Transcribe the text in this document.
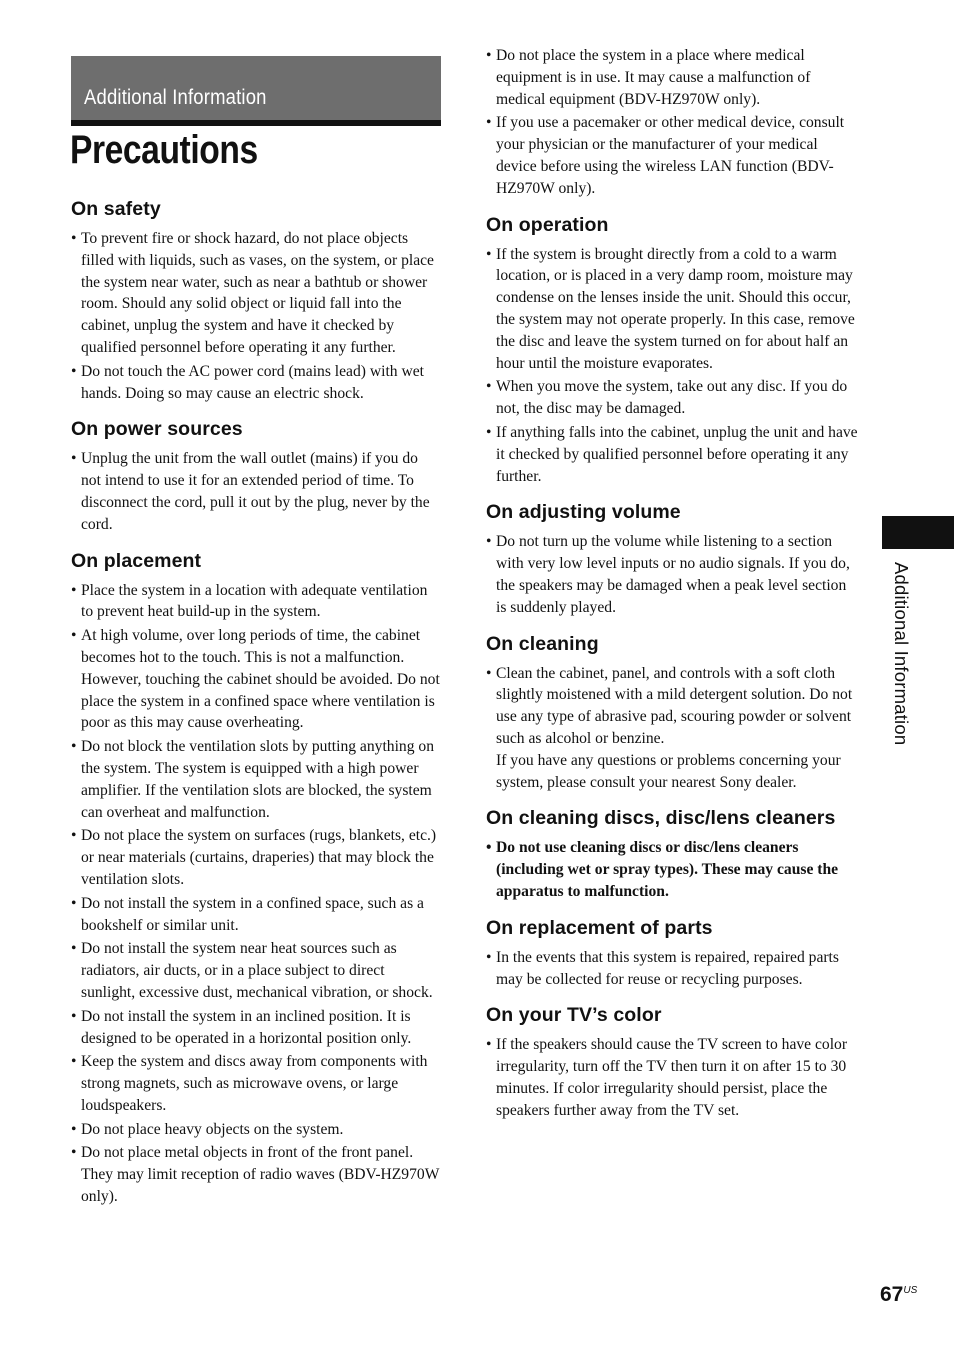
Additional Information
Precautions
On safety
• To prevent fire or shock hazard, do not place objects filled with liquids, such as vases, on the system, or place the system near water, such as near a bathtub or shower room. Should any solid object or liquid fall into the cabinet, unplug the system and have it checked by qualified personnel before operating it any further.
• Do not touch the AC power cord (mains lead) with wet hands. Doing so may cause an electric shock.
On power sources
• Unplug the unit from the wall outlet (mains) if you do not intend to use it for an extended period of time. To disconnect the cord, pull it out by the plug, never by the cord.
On placement
• Place the system in a location with adequate ventilation to prevent heat build-up in the system.
• At high volume, over long periods of time, the cabinet becomes hot to the touch. This is not a malfunction. However, touching the cabinet should be avoided. Do not place the system in a confined space where ventilation is poor as this may cause overheating.
• Do not block the ventilation slots by putting anything on the system. The system is equipped with a high power amplifier. If the ventilation slots are blocked, the system can overheat and malfunction.
• Do not place the system on surfaces (rugs, blankets, etc.) or near materials (curtains, draperies) that may block the ventilation slots.
• Do not install the system in a confined space, such as a bookshelf or similar unit.
• Do not install the system near heat sources such as radiators, air ducts, or in a place subject to direct sunlight, excessive dust, mechanical vibration, or shock.
• Do not install the system in an inclined position. It is designed to be operated in a horizontal position only.
• Keep the system and discs away from components with strong magnets, such as microwave ovens, or large loudspeakers.
• Do not place heavy objects on the system.
• Do not place metal objects in front of the front panel. They may limit reception of radio waves (BDV-HZ970W only).
• Do not place the system in a place where medical equipment is in use. It may cause a malfunction of medical equipment (BDV-HZ970W only).
• If you use a pacemaker or other medical device, consult your physician or the manufacturer of your medical device before using the wireless LAN function (BDV-HZ970W only).
On operation
• If the system is brought directly from a cold to a warm location, or is placed in a very damp room, moisture may condense on the lenses inside the unit. Should this occur, the system may not operate properly. In this case, remove the disc and leave the system turned on for about half an hour until the moisture evaporates.
• When you move the system, take out any disc. If you do not, the disc may be damaged.
• If anything falls into the cabinet, unplug the unit and have it checked by qualified personnel before operating it any further.
On adjusting volume
• Do not turn up the volume while listening to a section with very low level inputs or no audio signals. If you do, the speakers may be damaged when a peak level section is suddenly played.
On cleaning
• Clean the cabinet, panel, and controls with a soft cloth slightly moistened with a mild detergent solution. Do not use any type of abrasive pad, scouring powder or solvent such as alcohol or benzine.
If you have any questions or problems concerning your system, please consult your nearest Sony dealer.
On cleaning discs, disc/lens cleaners
• Do not use cleaning discs or disc/lens cleaners (including wet or spray types). These may cause the apparatus to malfunction.
On replacement of parts
• In the events that this system is repaired, repaired parts may be collected for reuse or recycling purposes.
On your TV’s color
• If the speakers should cause the TV screen to have color irregularity, turn off the TV then turn it on after 15 to 30 minutes. If color irregularity should persist, place the speakers further away from the TV set.
Additional Information
$67^{US}$
